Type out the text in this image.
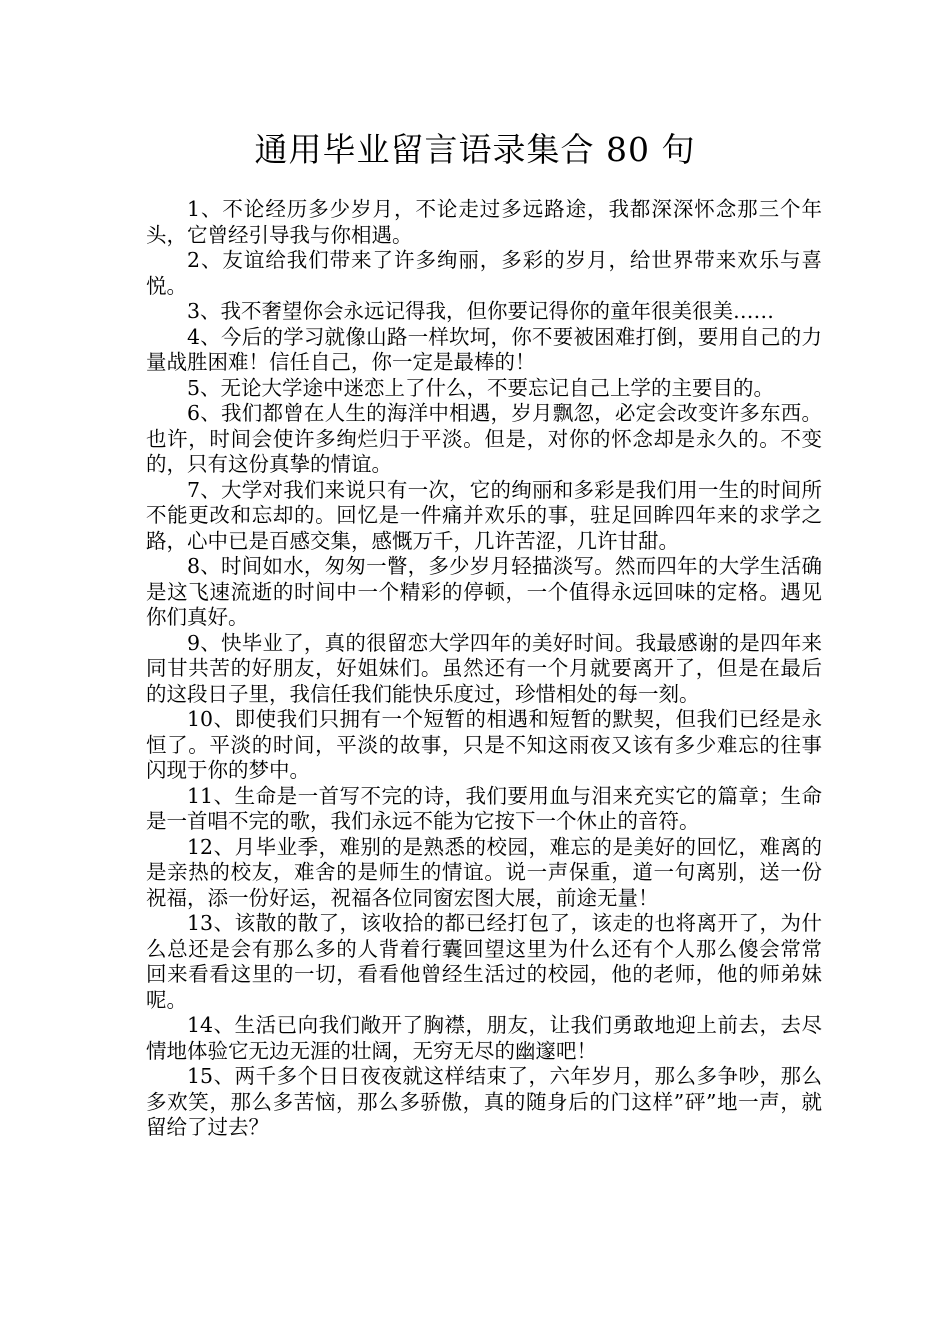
通用毕业留言语录集合 80 句

1、不论经历多少岁月，不论走过多远路途，我都深深怀念那三个年头，它曾经引导我与你相遇。

2、友谊给我们带来了许多绚丽，多彩的岁月，给世界带来欢乐与喜悦。

3、我不奢望你会永远记得我，但你要记得你的童年很美很美……

4、今后的学习就像山路一样坎坷，你不要被困难打倒，要用自己的力量战胜困难！信任自己，你一定是最棒的！

5、无论大学途中迷恋上了什么，不要忘记自己上学的主要目的。

6、我们都曾在人生的海洋中相遇，岁月飘忽，必定会改变许多东西。也许，时间会使许多绚烂归于平淡。但是，对你的怀念却是永久的。不变的，只有这份真挚的情谊。

7、大学对我们来说只有一次，它的绚丽和多彩是我们用一生的时间所不能更改和忘却的。回忆是一件痛并欢乐的事，驻足回眸四年来的求学之路，心中已是百感交集，感慨万千，几许苦涩，几许甘甜。

8、时间如水，匆匆一瞥，多少岁月轻描淡写。然而四年的大学生活确是这飞速流逝的时间中一个精彩的停顿，一个值得永远回味的定格。遇见你们真好。

9、快毕业了，真的很留恋大学四年的美好时间。我最感谢的是四年来同甘共苦的好朋友，好姐妹们。虽然还有一个月就要离开了，但是在最后的这段日子里，我信任我们能快乐度过，珍惜相处的每一刻。

10、即使我们只拥有一个短暂的相遇和短暂的默契，但我们已经是永恒了。平淡的时间，平淡的故事，只是不知这雨夜又该有多少难忘的往事闪现于你的梦中。

11、生命是一首写不完的诗，我们要用血与泪来充实它的篇章；生命是一首唱不完的歌，我们永远不能为它按下一个休止的音符。

12、月毕业季，难别的是熟悉的校园，难忘的是美好的回忆，难离的是亲热的校友，难舍的是师生的情谊。说一声保重，道一句离别，送一份祝福，添一份好运，祝福各位同窗宏图大展，前途无量！

13、该散的散了，该收拾的都已经打包了，该走的也将离开了，为什么总还是会有那么多的人背着行囊回望这里为什么还有个人那么傻会常常回来看看这里的一切，看看他曾经生活过的校园，他的老师，他的师弟妹呢。

14、生活已向我们敞开了胸襟，朋友，让我们勇敢地迎上前去，去尽情地体验它无边无涯的壮阔，无穷无尽的幽邃吧！

15、两千多个日日夜夜就这样结束了，六年岁月，那么多争吵，那么多欢笑，那么多苦恼，那么多骄傲，真的随身后的门这样”砰”地一声，就留给了过去？
